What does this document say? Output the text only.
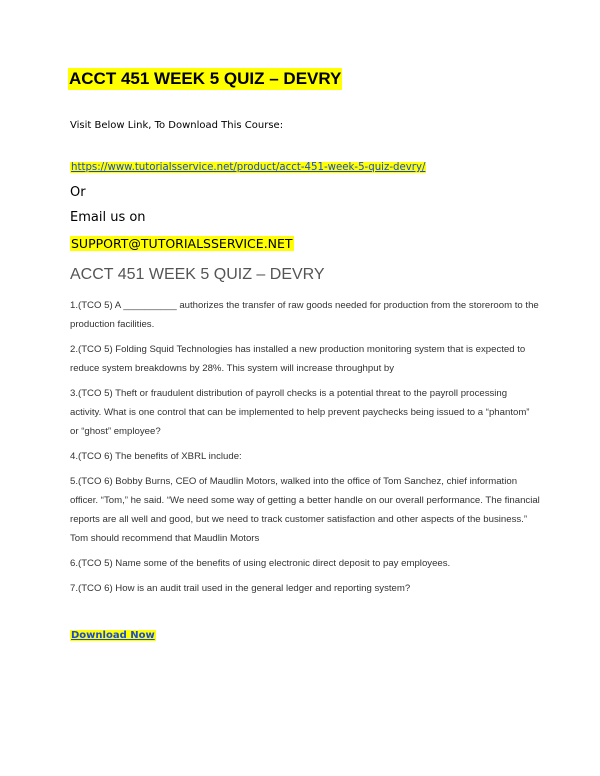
ACCT 451 WEEK 5 QUIZ – DEVRY
Visit Below Link, To Download This Course:
https://www.tutorialsservice.net/product/acct-451-week-5-quiz-devry/
Or
Email us on
SUPPORT@TUTORIALSSERVICE.NET
ACCT 451 WEEK 5 QUIZ – DEVRY

1.(TCO 5) A __________ authorizes the transfer of raw goods needed for production from the storeroom to the production facilities.

2.(TCO 5) Folding Squid Technologies has installed a new production monitoring system that is expected to reduce system breakdowns by 28%. This system will increase throughput by

3.(TCO 5) Theft or fraudulent distribution of payroll checks is a potential threat to the payroll processing activity. What is one control that can be implemented to help prevent paychecks being issued to a “phantom” or “ghost” employee?

4.(TCO 6) The benefits of XBRL include:

5.(TCO 6) Bobby Burns, CEO of Maudlin Motors, walked into the office of Tom Sanchez, chief information officer. “Tom,” he said. “We need some way of getting a better handle on our overall performance. The financial reports are all well and good, but we need to track customer satisfaction and other aspects of the business.” Tom should recommend that Maudlin Motors

6.(TCO 5) Name some of the benefits of using electronic direct deposit to pay employees.

7.(TCO 6) How is an audit trail used in the general ledger and reporting system?

Download Now
